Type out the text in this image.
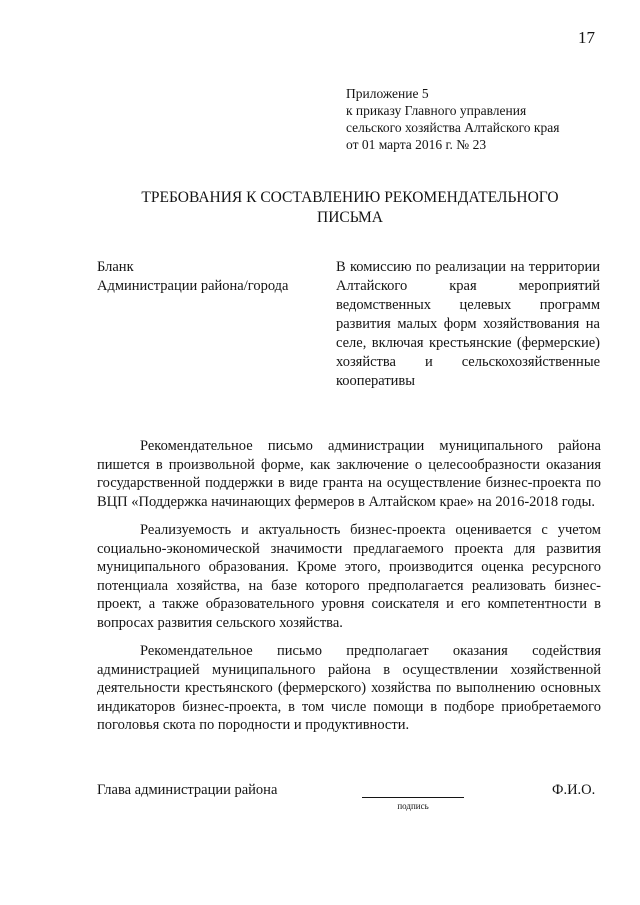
17
Приложение 5
к приказу Главного управления
сельского хозяйства Алтайского края
от 01 марта 2016 г. № 23
ТРЕБОВАНИЯ К СОСТАВЛЕНИЮ РЕКОМЕНДАТЕЛЬНОГО
ПИСЬМА
Бланк
Администрации района/города
В комиссию по реализации на территории Алтайского края мероприятий ведомственных целевых программ развития малых форм хозяйствования на селе, включая крестьянские (фермерские) хозяйства и сельскохозяйственные кооперативы

Рекомендательное письмо администрации муниципального района пишется в произвольной форме, как заключение о целесообразности оказания государственной поддержки в виде гранта на осуществление бизнес-проекта по ВЦП «Поддержка начинающих фермеров в Алтайском крае» на 2016-2018 годы.

Реализуемость и актуальность бизнес-проекта оценивается с учетом социально-экономической значимости предлагаемого проекта для развития муниципального образования. Кроме этого, производится оценка ресурсного потенциала хозяйства, на базе которого предполагается реализовать бизнес-проект, а также образовательного уровня соискателя и его компетентности в вопросах развития сельского хозяйства.

Рекомендательное письмо предполагает оказания содействия администрацией муниципального района в осуществлении хозяйственной деятельности крестьянского (фермерского) хозяйства по выполнению основных индикаторов бизнес-проекта, в том числе помощи в подборе приобретаемого поголовья скота по породности и продуктивности.

Глава администрации района
подпись
Ф.И.О.
